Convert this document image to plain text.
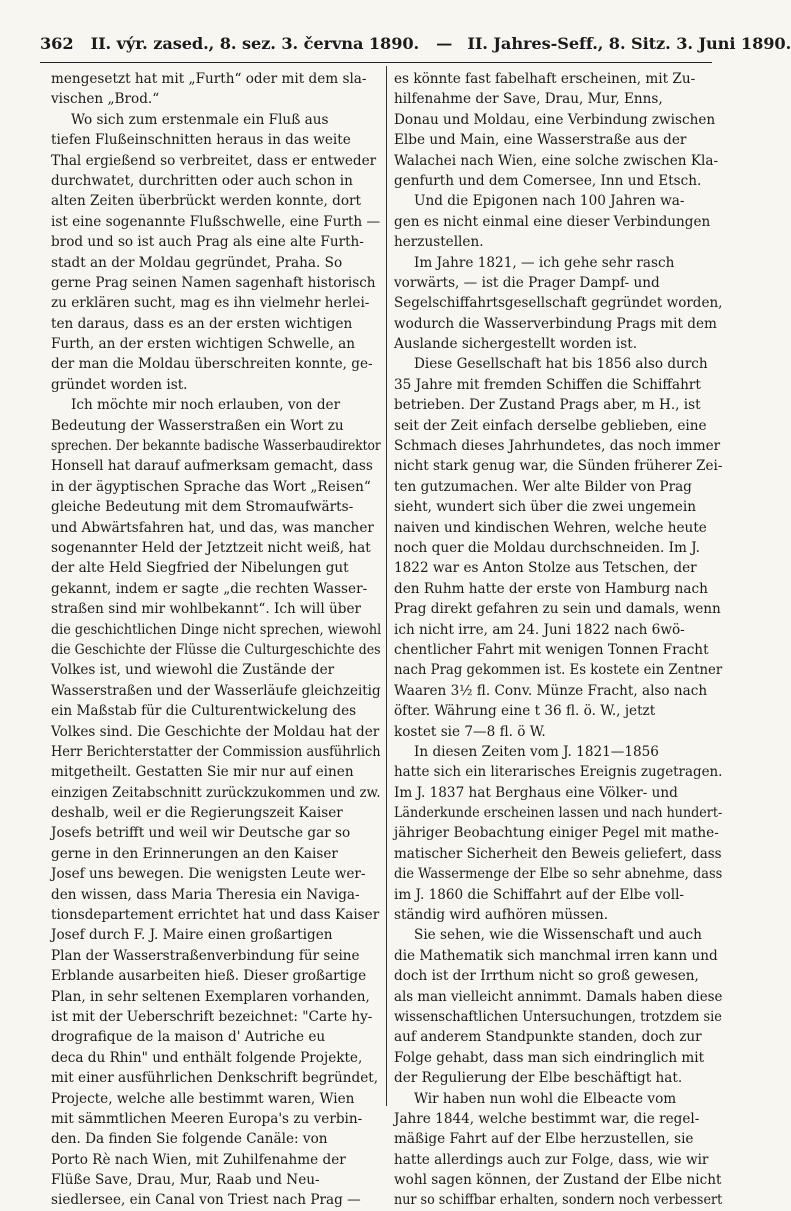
362 II. výr. zased., 8. sez. 3. června 1890. — II. Jahres-Seff., 8. Sitz. 3. Juni 1890.
mengesetzt hat mit „Furth“ oder mit dem sla-
vischen „Brod.“
Wo sich zum erstenmale ein Fluß aus
tiefen Flußeinschnitten heraus in das weite
Thal ergießend so verbreitet, dass er entweder
durchwatet, durchritten oder auch schon in
alten Zeiten überbrückt werden konnte, dort
ist eine sogenannte Flußschwelle, eine Furth —
brod und so ist auch Prag als eine alte Furth-
stadt an der Moldau gegründet, Praha. So
gerne Prag seinen Namen sagenhaft historisch
zu erklären sucht, mag es ihn vielmehr herlei-
ten daraus, dass es an der ersten wichtigen
Furth, an der ersten wichtigen Schwelle, an
der man die Moldau überschreiten konnte, ge-
gründet worden ist.
Ich möchte mir noch erlauben, von der
Bedeutung der Wasserstraßen ein Wort zu
sprechen. Der bekannte badische Wasserbaudirektor
Honsell hat darauf aufmerksam gemacht, dass
in der ägyptischen Sprache das Wort „Reisen“
gleiche Bedeutung mit dem Stromaufwärts-
und Abwärtsfahren hat, und das, was mancher
sogenannter Held der Jetztzeit nicht weiß, hat
der alte Held Siegfried der Nibelungen gut
gekannt, indem er sagte „die rechten Wasser-
straßen sind mir wohlbekannt“. Ich will über
die geschichtlichen Dinge nicht sprechen, wiewohl
die Geschichte der Flüsse die Culturgeschichte des
Volkes ist, und wiewohl die Zustände der
Wasserstraßen und der Wasserläufe gleichzeitig
ein Maßstab für die Culturentwickelung des
Volkes sind. Die Geschichte der Moldau hat der
Herr Berichterstatter der Commission ausführlich
mitgetheilt. Gestatten Sie mir nur auf einen
einzigen Zeitabschnitt zurückzukommen und zw.
deshalb, weil er die Regierungszeit Kaiser
Josefs betrifft und weil wir Deutsche gar so
gerne in den Erinnerungen an den Kaiser
Josef uns bewegen. Die wenigsten Leute wer-
den wissen, dass Maria Theresia ein Naviga-
tionsdepartement errichtet hat und dass Kaiser
Josef durch F. J. Maire einen großartigen
Plan der Wasserstraßenverbindung für seine
Erblande ausarbeiten hieß. Dieser großartige
Plan, in sehr seltenen Exemplaren vorhanden,
ist mit der Ueberschrift bezeichnet: "Carte hy-
drografique de la maison d' Autriche eu
deca du Rhin" und enthält folgende Projekte,
mit einer ausführlichen Denkschrift begründet,
Projecte, welche alle bestimmt waren, Wien
mit sämmtlichen Meeren Europa's zu verbin-
den. Da finden Sie folgende Canäle: von
Porto Rè nach Wien, mit Zuhilfenahme der
Flüße Save, Drau, Mur, Raab und Neu-
siedlersee, ein Canal von Triest nach Prag —
es könnte fast fabelhaft erscheinen, mit Zu-
hilfenahme der Save, Drau, Mur, Enns,
Donau und Moldau, eine Verbindung zwischen
Elbe und Main, eine Wasserstraße aus der
Walachei nach Wien, eine solche zwischen Kla-
genfurth und dem Comersee, Inn und Etsch.
Und die Epigonen nach 100 Jahren wa-
gen es nicht einmal eine dieser Verbindungen
herzustellen.
Im Jahre 1821, — ich gehe sehr rasch
vorwärts, — ist die Prager Dampf- und
Segelschiffahrtsgesellschaft gegründet worden,
wodurch die Wasserverbindung Prags mit dem
Auslande sichergestellt worden ist.
Diese Gesellschaft hat bis 1856 also durch
35 Jahre mit fremden Schiffen die Schiffahrt
betrieben. Der Zustand Prags aber, m H., ist
seit der Zeit einfach derselbe geblieben, eine
Schmach dieses Jahrhundetes, das noch immer
nicht stark genug war, die Sünden früherer Zei-
ten gutzumachen. Wer alte Bilder von Prag
sieht, wundert sich über die zwei ungemein
naiven und kindischen Wehren, welche heute
noch quer die Moldau durchschneiden. Im J.
1822 war es Anton Stolze aus Tetschen, der
den Ruhm hatte der erste von Hamburg nach
Prag direkt gefahren zu sein und damals, wenn
ich nicht irre, am 24. Juni 1822 nach 6wö-
chentlicher Fahrt mit wenigen Tonnen Fracht
nach Prag gekommen ist. Es kostete ein Zentner
Waaren 3½ fl. Conv. Münze Fracht, also nach
öfter. Währung eine t 36 fl. ö. W., jetzt
kostet sie 7—8 fl. ö W.
In diesen Zeiten vom J. 1821—1856
hatte sich ein literarisches Ereignis zugetragen.
Im J. 1837 hat Berghaus eine Völker- und
Länderkunde erscheinen lassen und nach hundert-
jähriger Beobachtung einiger Pegel mit mathe-
matischer Sicherheit den Beweis geliefert, dass
die Wassermenge der Elbe so sehr abnehme, dass
im J. 1860 die Schiffahrt auf der Elbe voll-
ständig wird aufhören müssen.
Sie sehen, wie die Wissenschaft und auch
die Mathematik sich manchmal irren kann und
doch ist der Irrthum nicht so groß gewesen,
als man vielleicht annimmt. Damals haben diese
wissenschaftlichen Untersuchungen, trotzdem sie
auf anderem Standpunkte standen, doch zur
Folge gehabt, dass man sich eindringlich mit
der Regulierung der Elbe beschäftigt hat.
Wir haben nun wohl die Elbeacte vom
Jahre 1844, welche bestimmt war, die regel-
mäßige Fahrt auf der Elbe herzustellen, sie
hatte allerdings auch zur Folge, dass, wie wir
wohl sagen können, der Zustand der Elbe nicht
nur so schiffbar erhalten, sondern noch verbessert
